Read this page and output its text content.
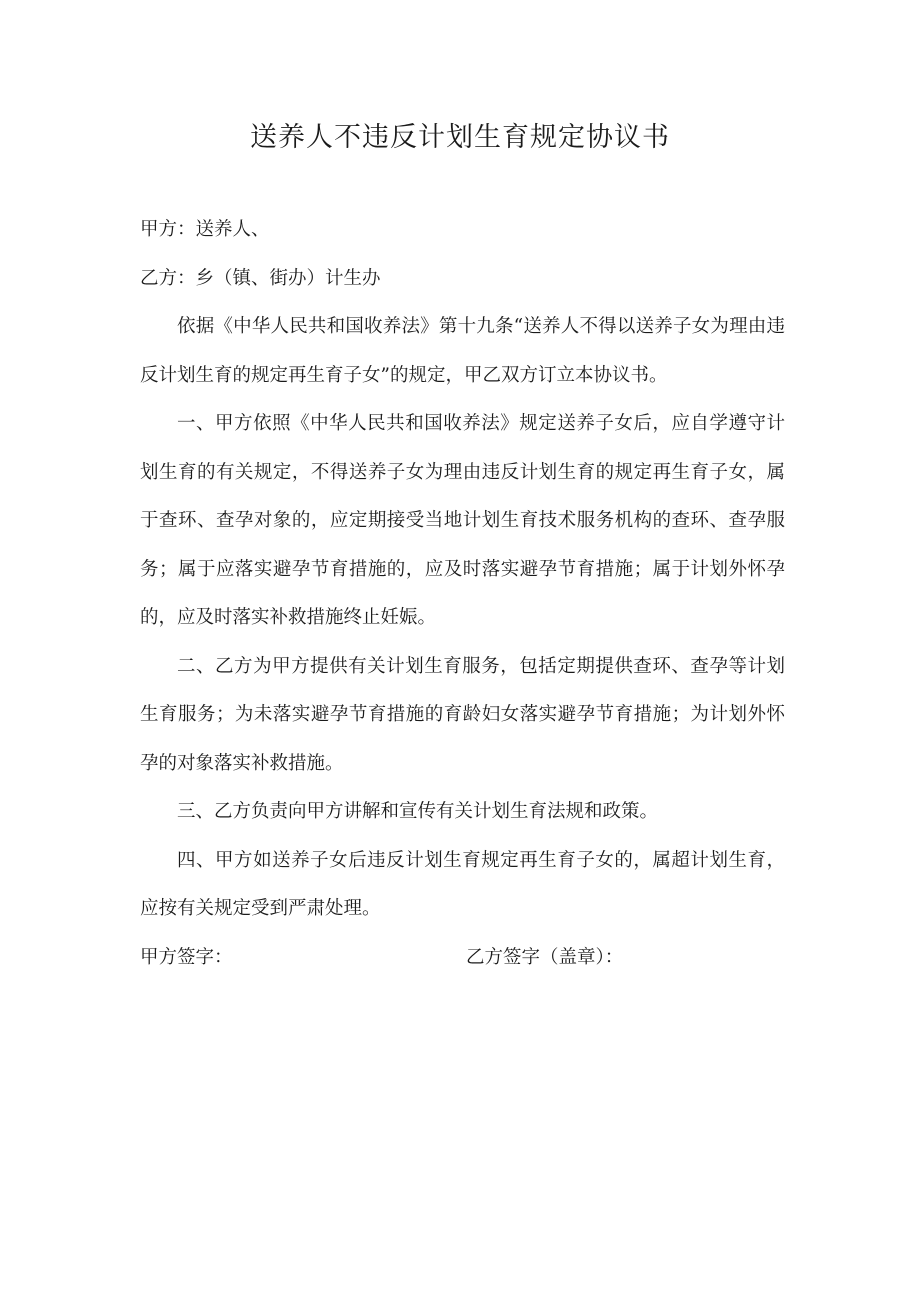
送养人不违反计划生育规定协议书

甲方：送养人、

乙方：乡（镇、街办）计生办

依据《中华人民共和国收养法》第十九条“送养人不得以送养子女为理由违反计划生育的规定再生育子女”的规定，甲乙双方订立本协议书。

一、甲方依照《中华人民共和国收养法》规定送养子女后，应自学遵守计划生育的有关规定，不得送养子女为理由违反计划生育的规定再生育子女，属于查环、查孕对象的，应定期接受当地计划生育技术服务机构的查环、查孕服务；属于应落实避孕节育措施的，应及时落实避孕节育措施；属于计划外怀孕的，应及时落实补救措施终止妊娠。

二、乙方为甲方提供有关计划生育服务，包括定期提供查环、查孕等计划生育服务；为未落实避孕节育措施的育龄妇女落实避孕节育措施；为计划外怀孕的对象落实补救措施。

三、乙方负责向甲方讲解和宣传有关计划生育法规和政策。

四、甲方如送养子女后违反计划生育规定再生育子女的，属超计划生育，应按有关规定受到严肃处理。

甲方签字：	乙方签字（盖章）：
